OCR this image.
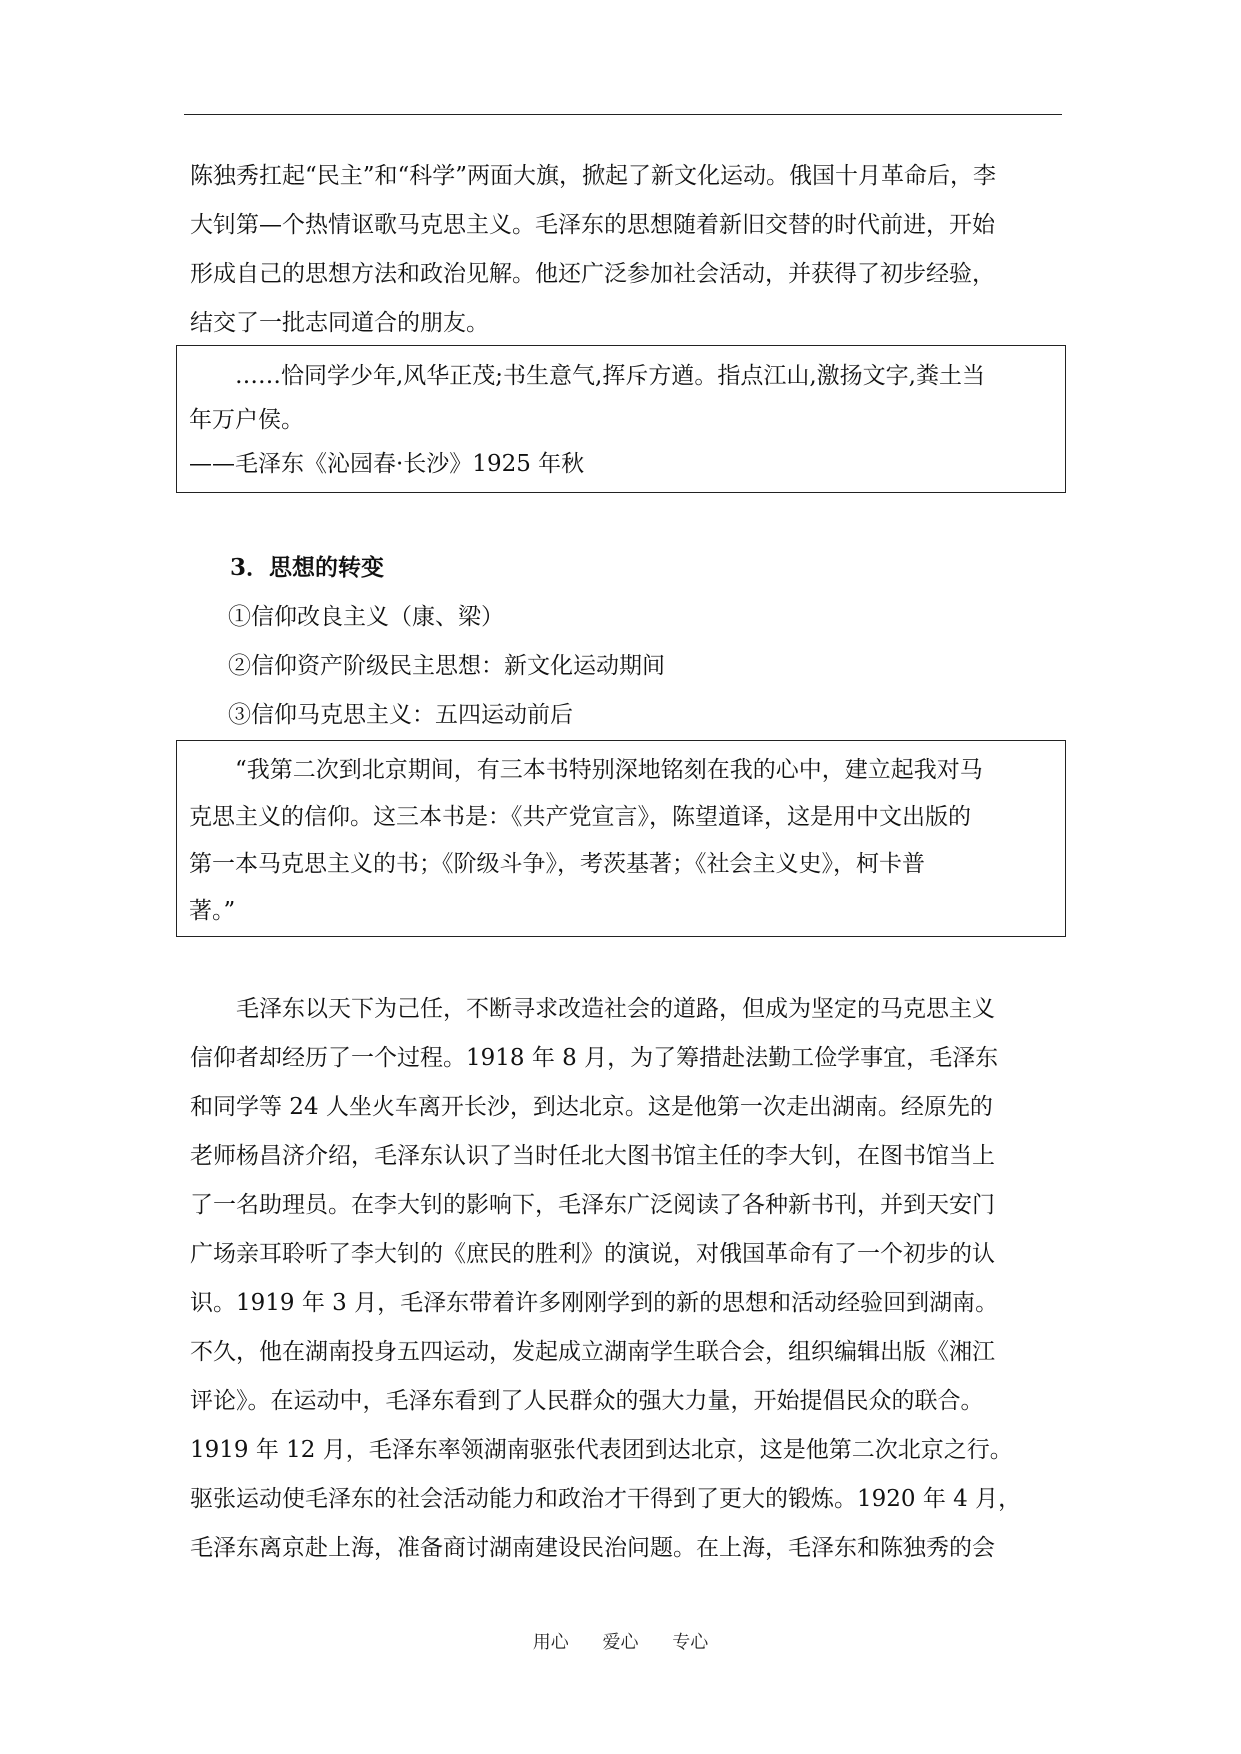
陈独秀扛起“民主”和“科学”两面大旗，掀起了新文化运动。俄国十月革命后，李
大钊第—个热情讴歌马克思主义。毛泽东的思想随着新旧交替的时代前进，开始
形成自己的思想方法和政治见解。他还广泛参加社会活动，并获得了初步经验，
结交了一批志同道合的朋友。
……恰同学少年,风华正茂;书生意气,挥斥方遒。指点江山,激扬文字,粪土当
年万户侯。
——毛泽东《沁园春·长沙》1925 年秋
3．思想的转变
①信仰改良主义（康、梁）
②信仰资产阶级民主思想：新文化运动期间
③信仰马克思主义：五四运动前后
“我第二次到北京期间，有三本书特别深地铭刻在我的心中，建立起我对马
克思主义的信仰。这三本书是：《共产党宣言》，陈望道译，这是用中文出版的
第一本马克思主义的书；《阶级斗争》，考茨基著；《社会主义史》，柯卡普
著。”
毛泽东以天下为己任，不断寻求改造社会的道路，但成为坚定的马克思主义
信仰者却经历了一个过程。1918 年 8 月，为了筹措赴法勤工俭学事宜，毛泽东
和同学等 24 人坐火车离开长沙，到达北京。这是他第一次走出湖南。经原先的
老师杨昌济介绍，毛泽东认识了当时任北大图书馆主任的李大钊，在图书馆当上
了一名助理员。在李大钊的影响下，毛泽东广泛阅读了各种新书刊，并到天安门
广场亲耳聆听了李大钊的《庶民的胜利》的演说，对俄国革命有了一个初步的认
识。1919 年 3 月，毛泽东带着许多刚刚学到的新的思想和活动经验回到湖南。
不久，他在湖南投身五四运动，发起成立湖南学生联合会，组织编辑出版《湘江
评论》。在运动中，毛泽东看到了人民群众的强大力量，开始提倡民众的联合。
1919 年 12 月，毛泽东率领湖南驱张代表团到达北京，这是他第二次北京之行。
驱张运动使毛泽东的社会活动能力和政治才干得到了更大的锻炼。1920 年 4 月，
毛泽东离京赴上海，准备商讨湖南建设民治问题。在上海，毛泽东和陈独秀的会
用心 爱心 专心
